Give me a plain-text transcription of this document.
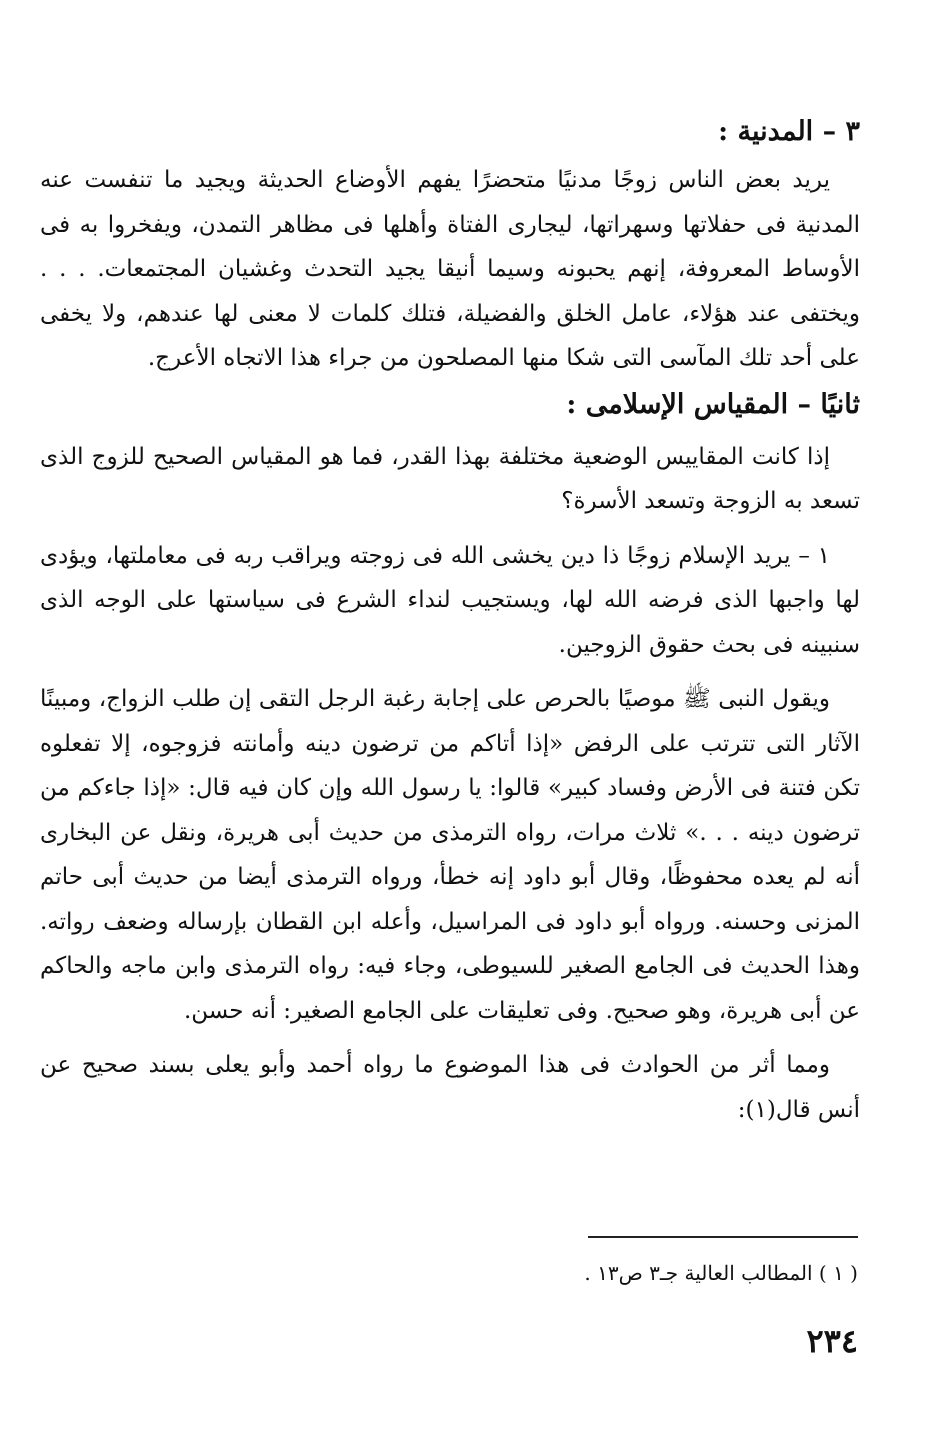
٣ – المدنية :

يريد بعض الناس زوجًا مدنيًا متحضرًا يفهم الأوضاع الحديثة ويجيد ما تنفست عنه المدنية فى حفلاتها وسهراتها، ليجارى الفتاة وأهلها فى مظاهر التمدن، ويفخروا به فى الأوساط المعروفة، إنهم يحبونه وسيما أنيقا يجيد التحدث وغشيان المجتمعات. . . . ويختفى عند هؤلاء، عامل الخلق والفضيلة، فتلك كلمات لا معنى لها عندهم، ولا يخفى على أحد تلك المآسى التى شكا منها المصلحون من جراء هذا الاتجاه الأعرج.

ثانيًا – المقياس الإسلامى :

إذا كانت المقاييس الوضعية مختلفة بهذا القدر، فما هو المقياس الصحيح للزوج الذى تسعد به الزوجة وتسعد الأسرة؟

١ – يريد الإسلام زوجًا ذا دين يخشى الله فى زوجته ويراقب ربه فى معاملتها، ويؤدى لها واجبها الذى فرضه الله لها، ويستجيب لنداء الشرع فى سياستها على الوجه الذى سنبينه فى بحث حقوق الزوجين.

ويقول النبى ﷺ موصيًا بالحرص على إجابة رغبة الرجل التقى إن طلب الزواج، ومبينًا الآثار التى تترتب على الرفض «إذا أتاكم من ترضون دينه وأمانته فزوجوه، إلا تفعلوه تكن فتنة فى الأرض وفساد كبير» قالوا: يا رسول الله وإن كان فيه قال: «إذا جاءكم من ترضون دينه . . .» ثلاث مرات، رواه الترمذى من حديث أبى هريرة، ونقل عن البخارى أنه لم يعده محفوظًا، وقال أبو داود إنه خطأ، ورواه الترمذى أيضا من حديث أبى حاتم المزنى وحسنه. ورواه أبو داود فى المراسيل، وأعله ابن القطان بإرساله وضعف رواته. وهذا الحديث فى الجامع الصغير للسيوطى، وجاء فيه: رواه الترمذى وابن ماجه والحاكم عن أبى هريرة، وهو صحيح. وفى تعليقات على الجامع الصغير: أنه حسن.

ومما أثر من الحوادث فى هذا الموضوع ما رواه أحمد وأبو يعلى بسند صحيح عن أنس قال(١):

( ١ ) المطالب العالية جـ٣ ص١٣ .
٢٣٤
